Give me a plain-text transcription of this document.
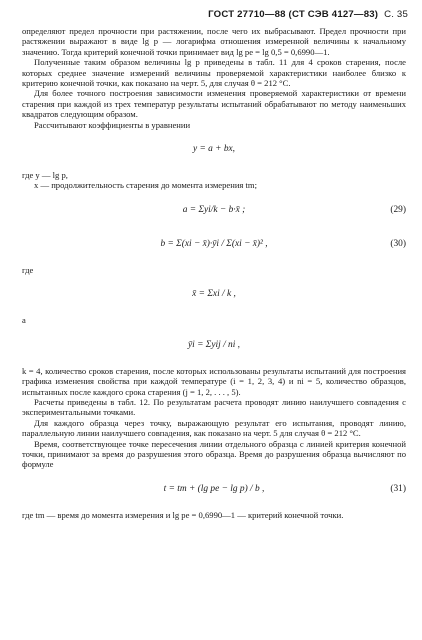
ГОСТ 27710—88 (СТ СЭВ 4127—83) С. 35

определяют предел прочности при растяжении, после чего их выбрасывают. Предел прочности при растяжении выражают в виде lg p — логарифма отношения измеренной величины к начальному значению. Тогда критерий конечной точки принимает вид lg pe = lg 0,5 = 0,6990—1.

Полученные таким образом величины lg p приведены в табл. 11 для 4 сроков старения, после которых среднее значение измерений величины проверяемой характеристики наиболее близко к критерию конечной точки, как показано на черт. 5, для случая θ = 212 °С.

Для более точного построения зависимости изменения проверяемой характеристики от времени старения при каждой из трех температур результаты испытаний обрабатывают по методу наименьших квадратов следующим образом.

Рассчитывают коэффициенты в уравнении

y = a + bx,

где y — lg p,

x — продолжительность старения до момента измерения tm;

a = Σyi/k − b·x̄ ;	(29)
b = Σ(xi − x̄)·ȳi / Σ(xi − x̄)² ,	(30)

где

x̄ = Σxi / k ,

а

ȳi = Σyij / ni ,

k = 4, количество сроков старения, после которых использованы результаты испытаний для построения графика изменения свойства при каждой температуре (i = 1, 2, 3, 4) и ni = 5, количество образцов, испытанных после каждого срока старения (j = 1, 2, . . . , 5).

Расчеты приведены в табл. 12. По результатам расчета проводят линию наилучшего совпадения с экспериментальными точками.

Для каждого образца через точку, выражающую результат его испытания, проводят линию, параллельную линии наилучшего совпадения, как показано на черт. 5 для случая θ = 212 °С.

Время, соответствующее точке пересечения линии отдельного образца с линией критерия конечной точки, принимают за время до разрушения этого образца. Время до разрушения образца вычисляют по формуле

t = tm + (lg pe − lg p) / b ,	(31)

где tm — время до момента измерения и lg pe = 0,6990—1 — критерий конечной точки.
